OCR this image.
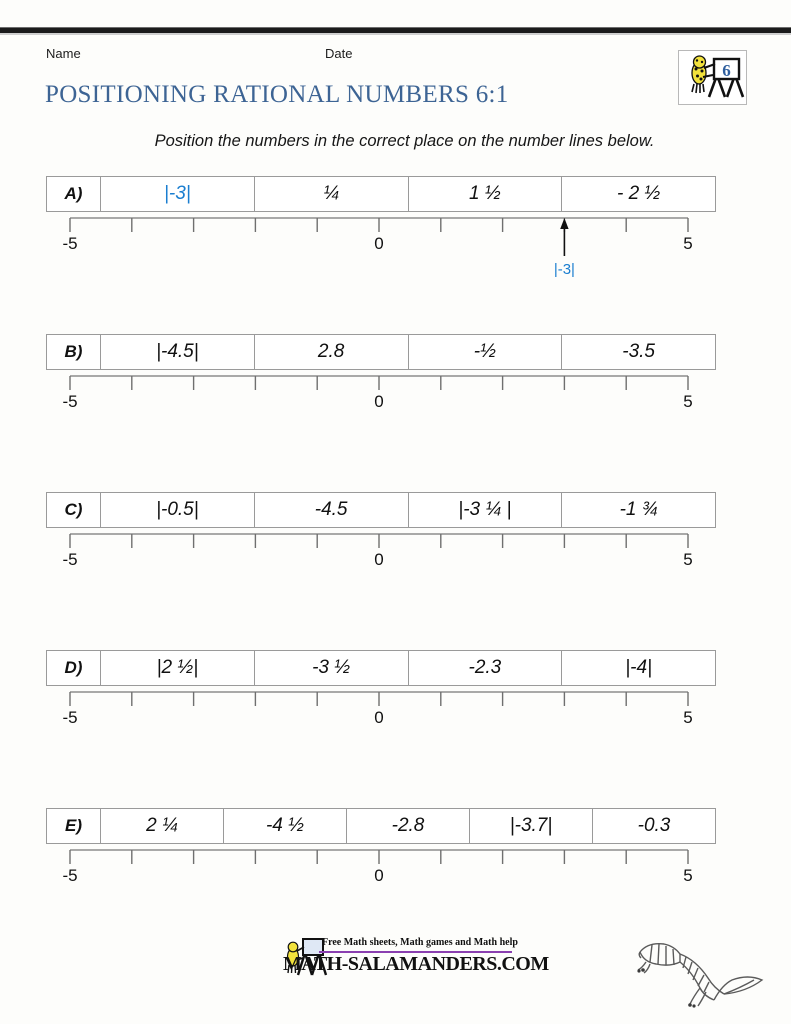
Name	Date
6
POSITIONING RATIONAL NUMBERS 6:1
Position the numbers in the correct place on the number lines below.
A)	|-3|	¼	1 ½	- 2 ½
-5	0	5
|-3|
B)	|-4.5|	2.8	-½	-3.5
-5	0	5
C)	|-0.5|	-4.5	|-3 ¼ |	-1 ¾
-5	0	5
D)	|2 ½|	-3 ½	-2.3	|-4|
-5	0	5
E)	2 ¼	-4 ½	-2.8	|-3.7|	-0.3
-5	0	5
Free Math sheets, Math games and Math help
MATH-SALAMANDERS.COM
